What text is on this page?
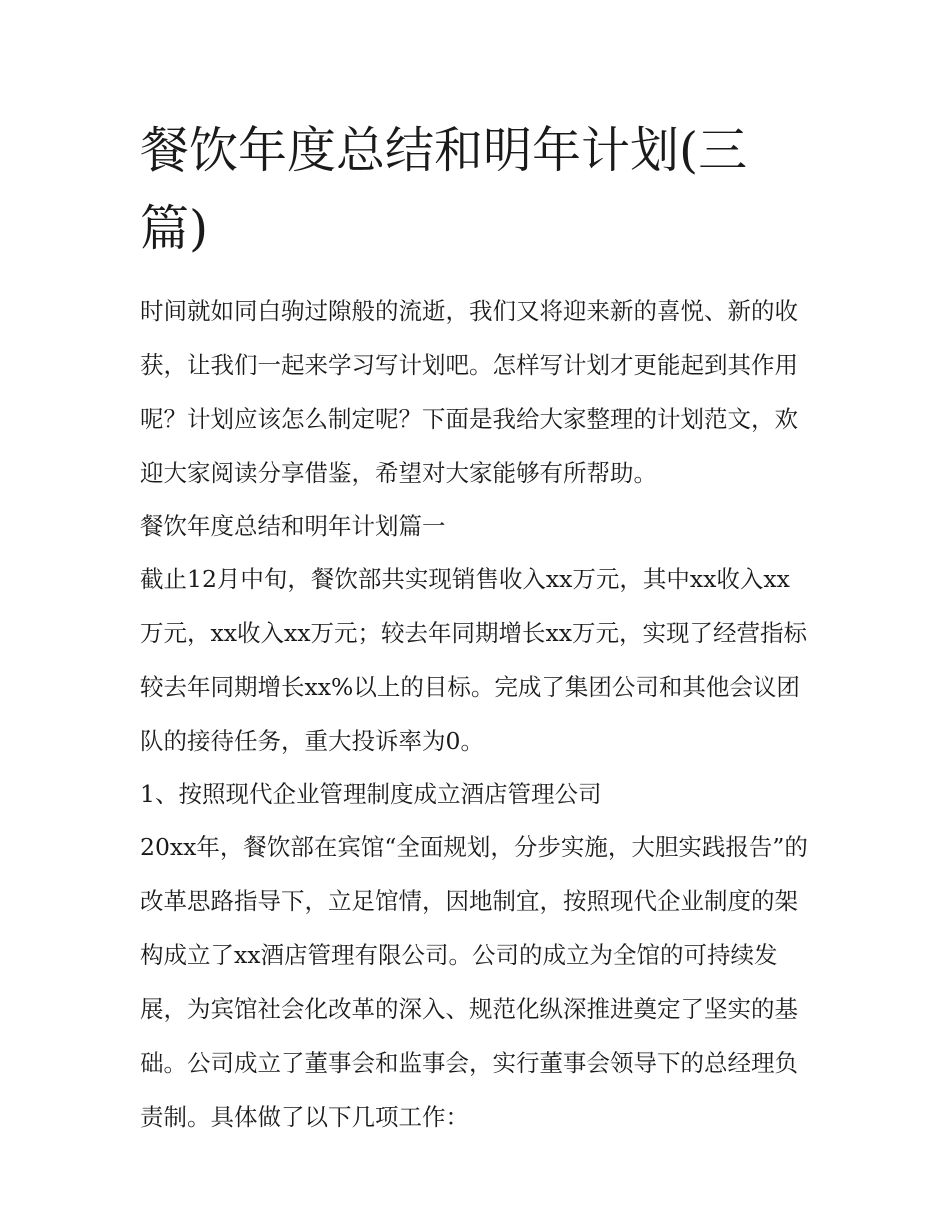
餐饮年度总结和明年计划(三篇)

时间就如同白驹过隙般的流逝，我们又将迎来新的喜悦、新的收获，让我们一起来学习写计划吧。怎样写计划才更能起到其作用呢？计划应该怎么制定呢？下面是我给大家整理的计划范文，欢迎大家阅读分享借鉴，希望对大家能够有所帮助。

餐饮年度总结和明年计划篇一

截止12月中旬，餐饮部共实现销售收入xx万元，其中xx收入xx万元，xx收入xx万元；较去年同期增长xx万元，实现了经营指标较去年同期增长xx%以上的目标。完成了集团公司和其他会议团队的接待任务，重大投诉率为0。

1、按照现代企业管理制度成立酒店管理公司

20xx年，餐饮部在宾馆“全面规划，分步实施，大胆实践报告”的改革思路指导下，立足馆情，因地制宜，按照现代企业制度的架构成立了xx酒店管理有限公司。公司的成立为全馆的可持续发展，为宾馆社会化改革的深入、规范化纵深推进奠定了坚实的基础。公司成立了董事会和监事会，实行董事会领导下的总经理负责制。具体做了以下几项工作：
